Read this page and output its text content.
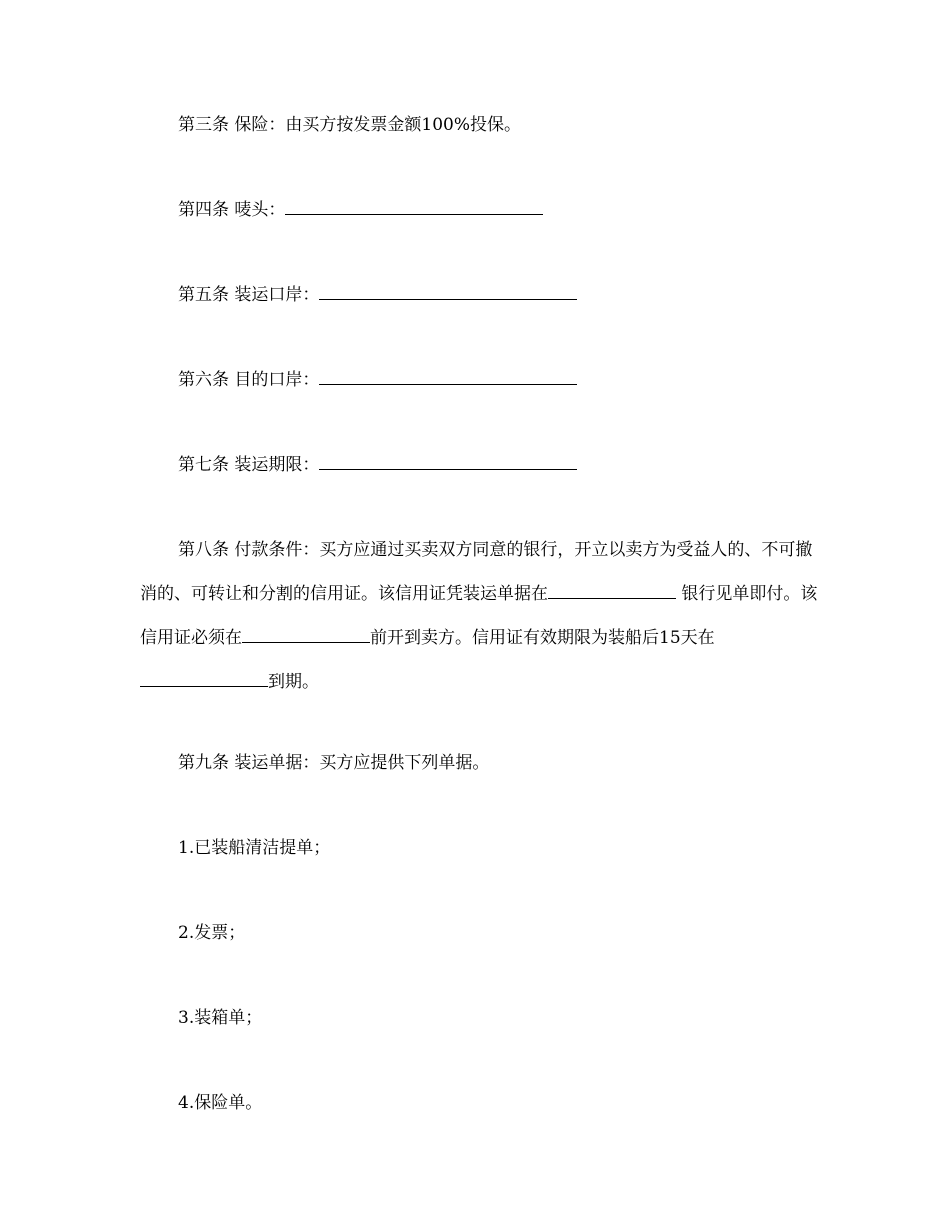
第三条 保险：由买方按发票金额100%投保。

第四条 唛头：

第五条 装运口岸：

第六条 目的口岸：

第七条 装运期限：

第八条 付款条件：买方应通过买卖双方同意的银行，开立以卖方为受益人的、不可撤消的、可转让和分割的信用证。该信用证凭装运单据在	银行见单即付。该信用证必须在	前开到卖方。信用证有效期限为装船后15天在到期。

第九条 装运单据：买方应提供下列单据。

1.已装船清洁提单；

2.发票；

3.装箱单；

4.保险单。
